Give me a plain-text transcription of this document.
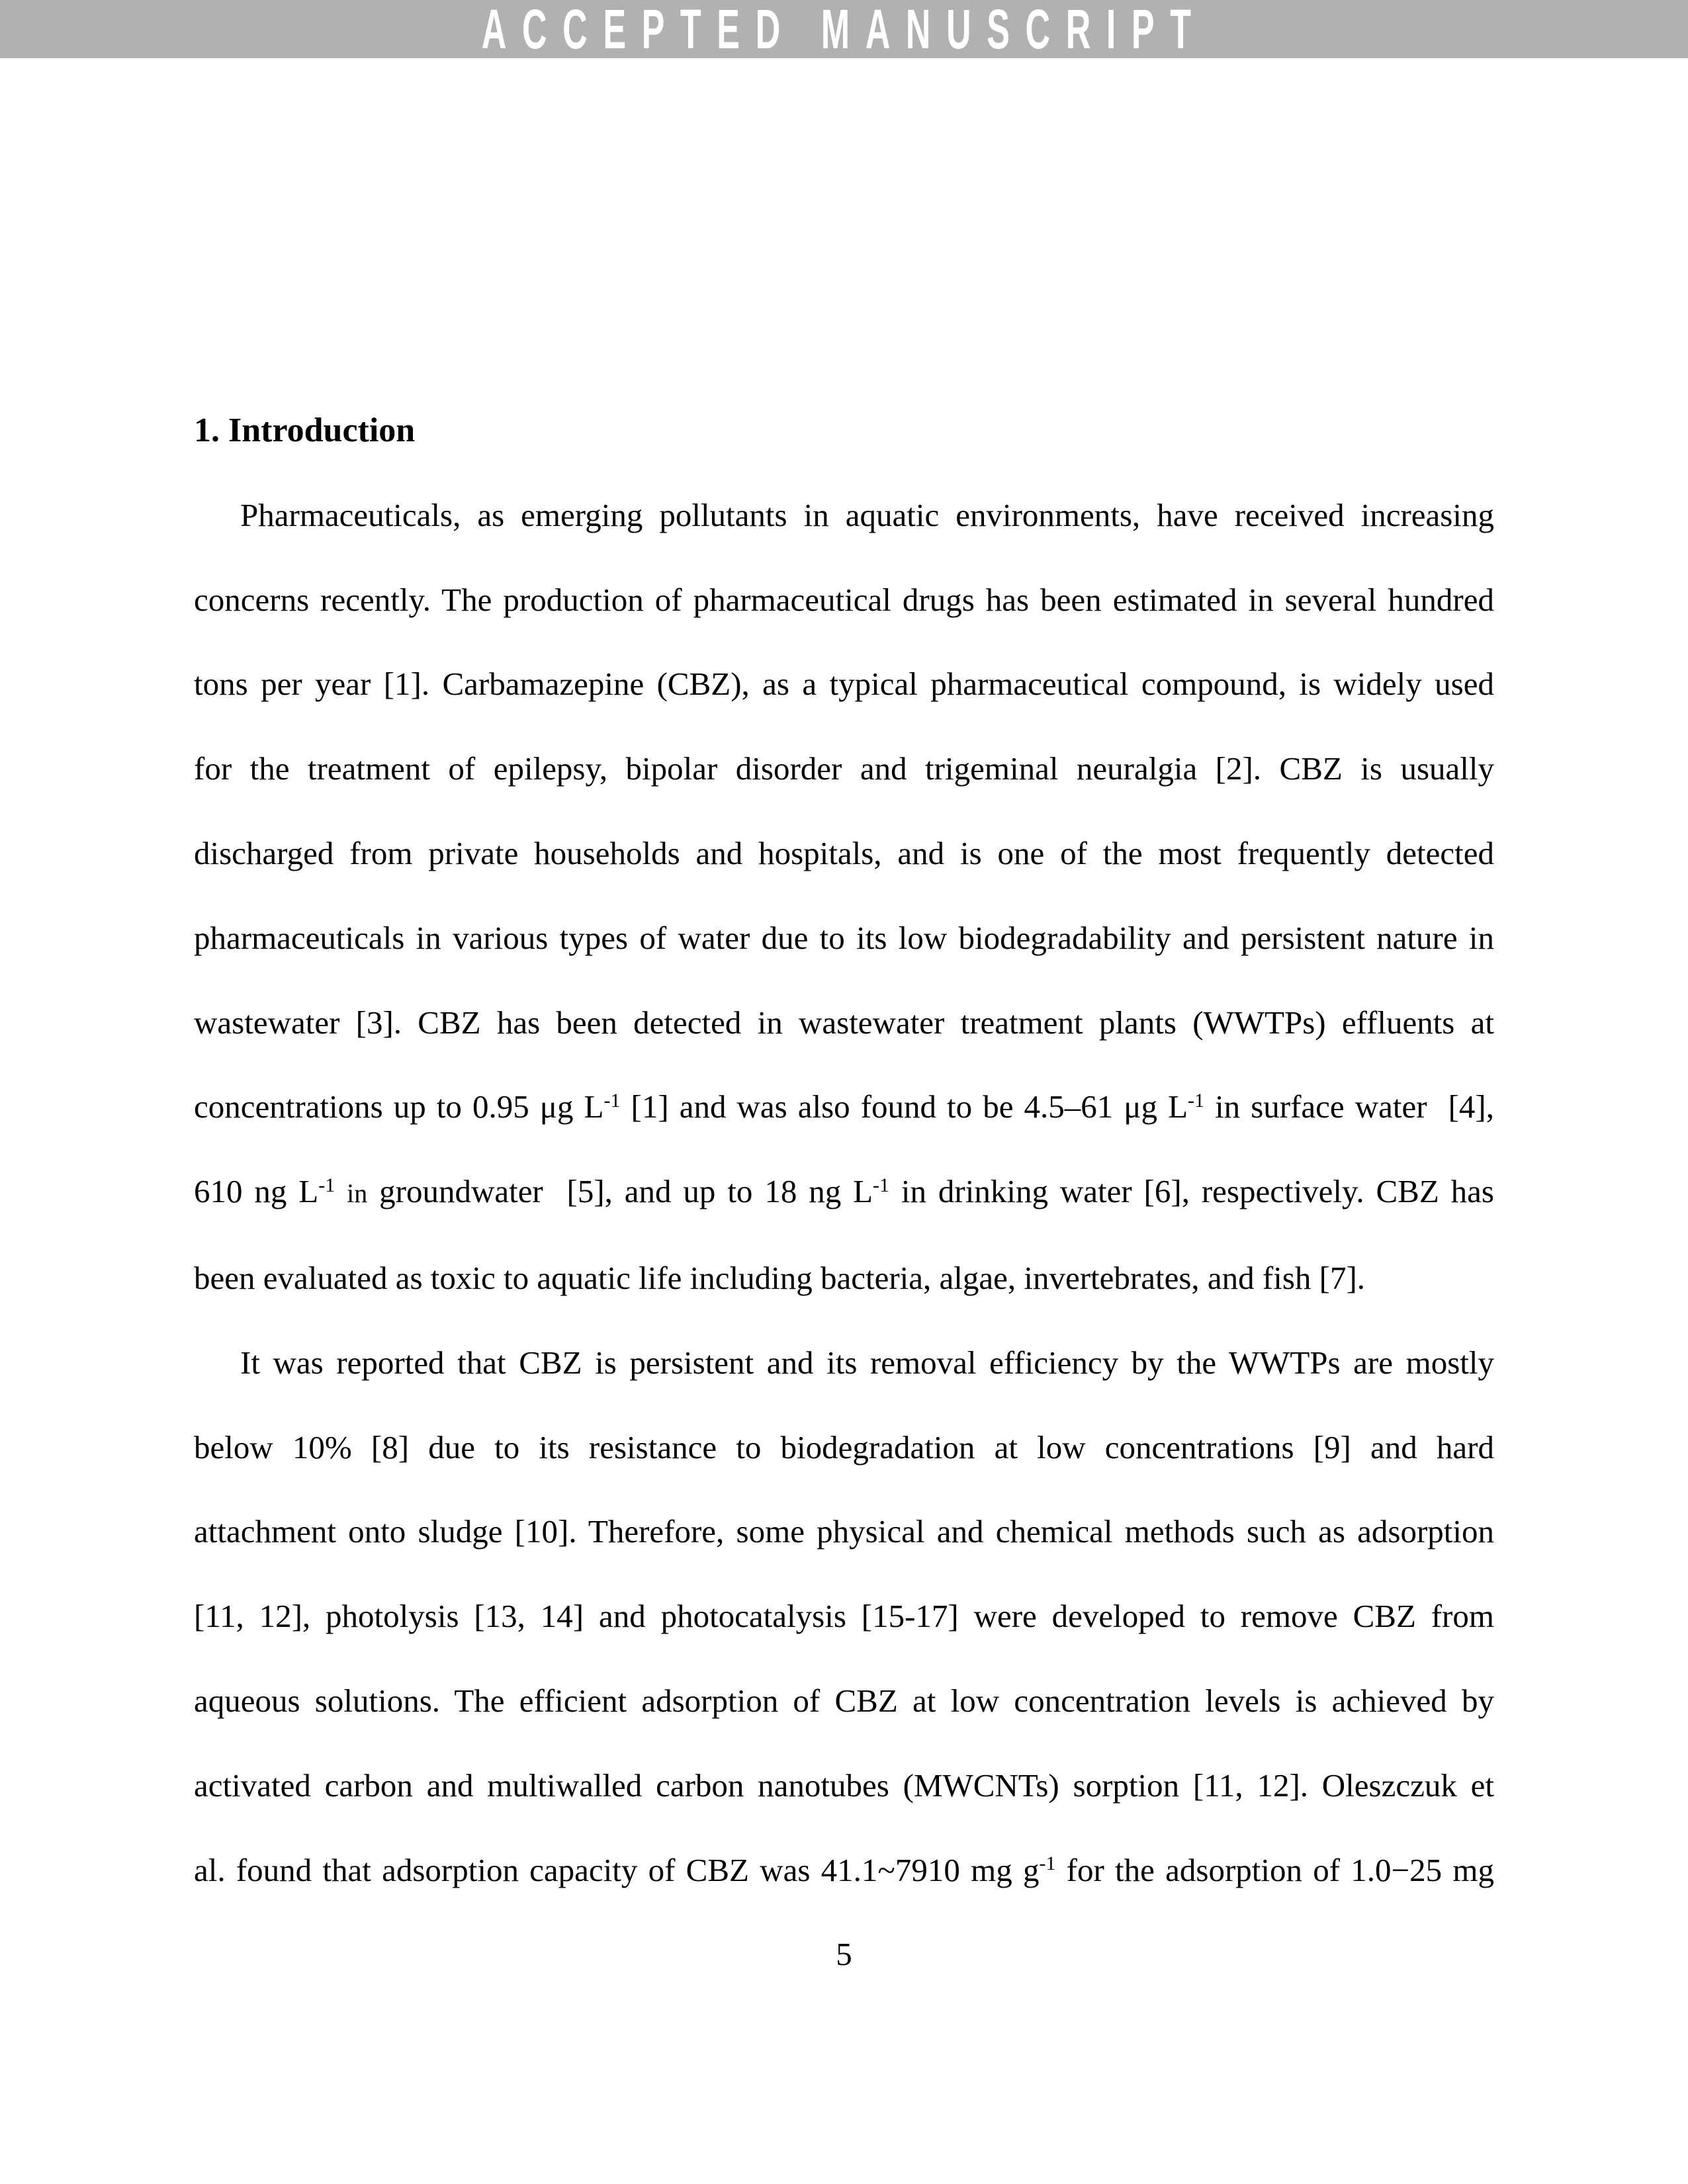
ACCEPTED MANUSCRIPT
1. Introduction
Pharmaceuticals, as emerging pollutants in aquatic environments, have received increasing
concerns recently. The production of pharmaceutical drugs has been estimated in several hundred
tons per year [1]. Carbamazepine (CBZ), as a typical pharmaceutical compound, is widely used
for the treatment of epilepsy, bipolar disorder and trigeminal neuralgia [2]. CBZ is usually
discharged from private households and hospitals, and is one of the most frequently detected
pharmaceuticals in various types of water due to its low biodegradability and persistent nature in
wastewater [3]. CBZ has been detected in wastewater treatment plants (WWTPs) effluents at
concentrations up to 0.95 μg $L^{-1}$ [1] and was also found to be 4.5–61 μg $L^{-1}$ in surface water  [4],
610 ng $L^{-1}$ in groundwater  [5], and up to 18 ng $L^{-1}$ in drinking water [6], respectively. CBZ has
been evaluated as toxic to aquatic life including bacteria, algae, invertebrates, and fish [7].
It was reported that CBZ is persistent and its removal efficiency by the WWTPs are mostly
below 10% [8] due to its resistance to biodegradation at low concentrations [9] and hard
attachment onto sludge [10]. Therefore, some physical and chemical methods such as adsorption
[11, 12], photolysis [13, 14] and photocatalysis [15-17] were developed to remove CBZ from
aqueous solutions. The efficient adsorption of CBZ at low concentration levels is achieved by
activated carbon and multiwalled carbon nanotubes (MWCNTs) sorption [11, 12]. Oleszczuk et
al. found that adsorption capacity of CBZ was 41.1~7910 mg $g^{-1}$ for the adsorption of 1.0−25 mg
5
